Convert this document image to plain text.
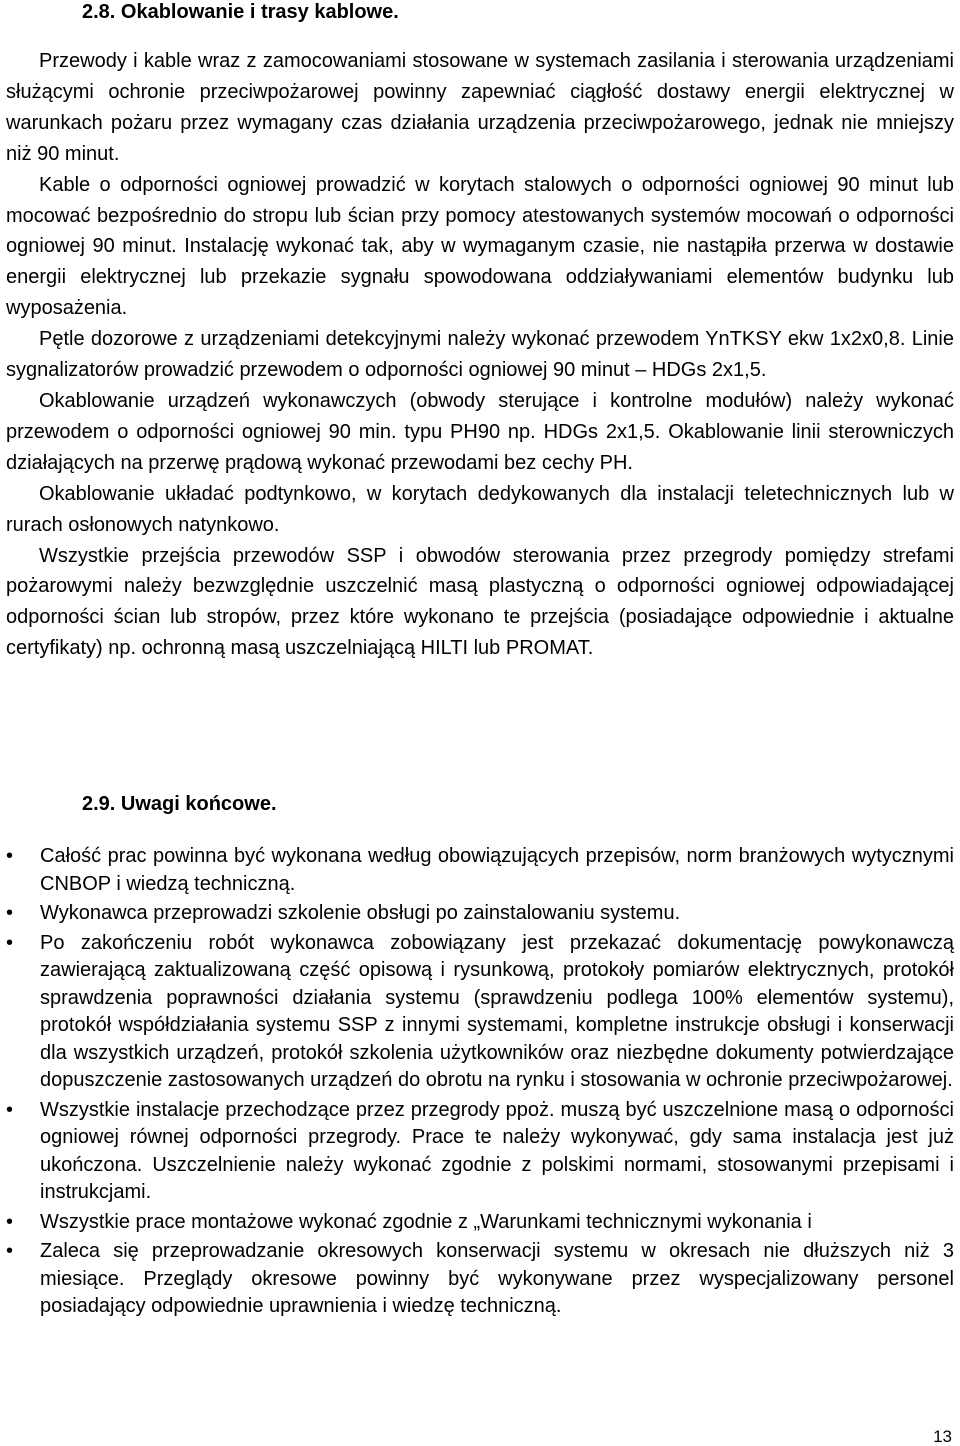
2.8. Okablowanie i trasy kablowe.

Przewody i kable wraz z zamocowaniami stosowane w systemach zasilania i sterowania urządzeniami służącymi ochronie przeciwpożarowej powinny zapewniać ciągłość dostawy energii elektrycznej w warunkach pożaru przez wymagany czas działania urządzenia przeciwpożarowego, jednak nie mniejszy niż 90 minut.

Kable o odporności ogniowej prowadzić w korytach stalowych o odporności ogniowej 90 minut lub mocować bezpośrednio do stropu lub ścian przy pomocy atestowanych systemów mocowań o odporności ogniowej 90 minut. Instalację wykonać tak, aby w wymaganym czasie, nie nastąpiła przerwa w dostawie energii elektrycznej lub przekazie sygnału spowodowana oddziaływaniami elementów budynku lub wyposażenia.

Pętle dozorowe z urządzeniami detekcyjnymi należy wykonać przewodem YnTKSY ekw 1x2x0,8. Linie sygnalizatorów prowadzić przewodem o odporności ogniowej 90 minut – HDGs 2x1,5.

Okablowanie urządzeń wykonawczych (obwody sterujące i kontrolne modułów) należy wykonać przewodem o odporności ogniowej 90 min. typu PH90 np. HDGs 2x1,5. Okablowanie linii sterowniczych działających na przerwę prądową wykonać przewodami bez cechy PH.

Okablowanie układać podtynkowo, w korytach dedykowanych dla instalacji teletechnicznych lub w rurach osłonowych natynkowo.

Wszystkie przejścia przewodów SSP i obwodów sterowania przez przegrody pomiędzy strefami pożarowymi należy bezwzględnie uszczelnić masą plastyczną o odporności ogniowej odpowiadającej odporności ścian lub stropów, przez które wykonano te przejścia (posiadające odpowiednie i aktualne certyfikaty) np. ochronną masą uszczelniającą HILTI lub PROMAT.

2.9. Uwagi końcowe.
•	Całość prac powinna być wykonana według obowiązujących przepisów, norm branżowych wytycznymi CNBOP i wiedzą techniczną.
•	Wykonawca przeprowadzi szkolenie obsługi po zainstalowaniu systemu.
•	Po zakończeniu robót wykonawca zobowiązany jest przekazać dokumentację powykonawczą zawierającą zaktualizowaną część opisową i rysunkową, protokoły pomiarów elektrycznych, protokół sprawdzenia poprawności działania systemu (sprawdzeniu podlega 100% elementów systemu), protokół współdziałania systemu SSP z innymi systemami, kompletne instrukcje obsługi i konserwacji dla wszystkich urządzeń, protokół szkolenia użytkowników oraz niezbędne dokumenty potwierdzające dopuszczenie zastosowanych urządzeń do obrotu na rynku i stosowania w ochronie przeciwpożarowej.
•	Wszystkie instalacje przechodzące przez przegrody ppoż. muszą być uszczelnione masą o odporności ogniowej równej odporności przegrody. Prace te należy wykonywać, gdy sama instalacja jest już ukończona. Uszczelnienie należy wykonać zgodnie z polskimi normami, stosowanymi przepisami i instrukcjami.
•	Wszystkie prace montażowe wykonać zgodnie z „Warunkami technicznymi wykonania i
•	Zaleca się przeprowadzanie okresowych konserwacji systemu w okresach nie dłuższych niż 3 miesiące. Przeglądy okresowe powinny być wykonywane przez wyspecjalizowany personel posiadający odpowiednie uprawnienia i wiedzę techniczną.
13
